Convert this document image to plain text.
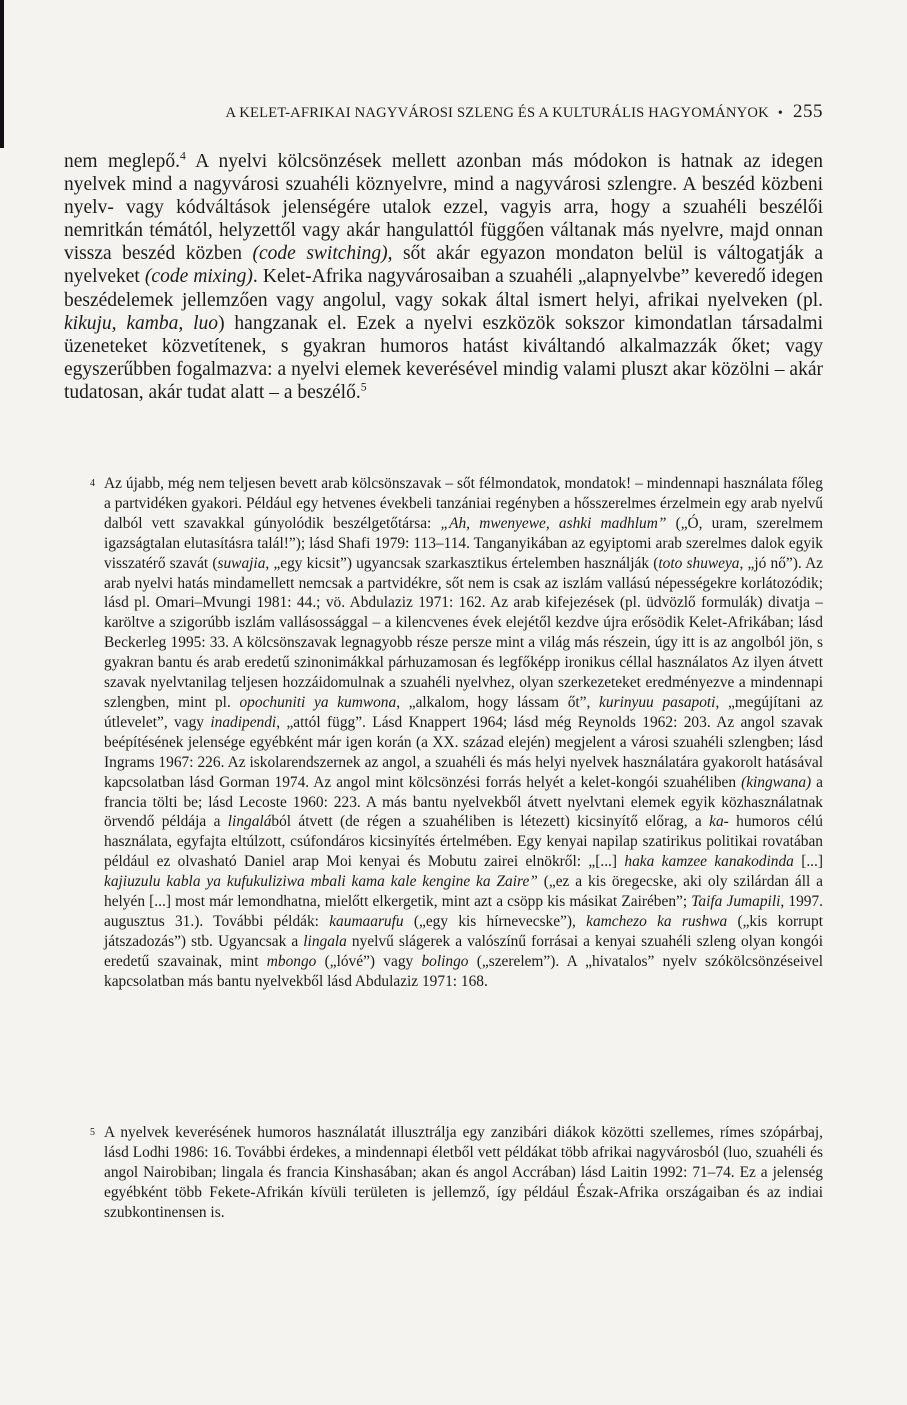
A KELET-AFRIKAI NAGYVÁROSI SZLENG ÉS A KULTURÁLIS HAGYOMÁNYOK • 255

nem meglepő.$^4$ A nyelvi kölcsönzések mellett azonban más módokon is hatnak az idegen nyelvek mind a nagyvárosi szuahéli köznyelvre, mind a nagyvárosi szlengre. A beszéd közbeni nyelv- vagy kódváltások jelenségére utalok ezzel, vagyis arra, hogy a szuahéli beszélői nemritkán témától, helyzettől vagy akár hangulattól függően váltanak más nyelvre, majd onnan vissza beszéd közben (code switching), sőt akár egyazon mondaton belül is váltogatják a nyelveket (code mixing). Kelet-Afrika nagyvárosaiban a szuahéli „alapnyelvbe” keveredő idegen beszédelemek jellemzően vagy angolul, vagy sokak által ismert helyi, afrikai nyelveken (pl. kikuju, kamba, luo) hangzanak el. Ezek a nyelvi eszközök sokszor kimondatlan társadalmi üzeneteket közvetítenek, s gyakran humoros hatást kiváltandó alkalmazzák őket; vagy egyszerűbben fogalmazva: a nyelvi elemek keverésével mindig valami pluszt akar közölni – akár tudatosan, akár tudat alatt – a beszélő.$^5$

4 Az újabb, még nem teljesen bevett arab kölcsönszavak – sőt félmondatok, mondatok! – mindennapi használata főleg a partvidéken gyakori. Például egy hetvenes évekbeli tanzániai regényben a hősszerelmes érzelmein egy arab nyelvű dalból vett szavakkal gúnyolódik beszélgetőtársa: „Ah, mwenyewe, ashki madhlum” („Ó, uram, szerelmem igazságtalan elutasításra talál!”); lásd Shafi 1979: 113–114. Tanganyikában az egyiptomi arab szerelmes dalok egyik visszatérő szavát (suwajia, „egy kicsit”) ugyancsak szarkasztikus értelemben használják (toto shuweya, „jó nő”). Az arab nyelvi hatás mindamellett nemcsak a partvidékre, sőt nem is csak az iszlám vallású népességekre korlátozódik; lásd pl. Omari–Mvungi 1981: 44.; vö. Abdulaziz 1971: 162. Az arab kifejezések (pl. üdvözlő formulák) divatja – karöltve a szigorúbb iszlám vallásossággal – a kilencvenes évek elejétől kezdve újra erősödik Kelet-Afrikában; lásd Beckerleg 1995: 33. A kölcsönszavak legnagyobb része persze mint a világ más részein, úgy itt is az angolból jön, s gyakran bantu és arab eredetű szinonimákkal párhuzamosan és legfőképp ironikus céllal használatos Az ilyen átvett szavak nyelvtanilag teljesen hozzáidomulnak a szuahéli nyelvhez, olyan szerkezeteket eredményezve a mindennapi szlengben, mint pl. opochuniti ya kumwona, „alkalom, hogy lássam őt”, kurinyuu pasapoti, „megújítani az útlevelet”, vagy inadipendi, „attól függ”. Lásd Knappert 1964; lásd még Reynolds 1962: 203. Az angol szavak beépítésének jelensége egyébként már igen korán (a XX. század elején) megjelent a városi szuahéli szlengben; lásd Ingrams 1967: 226. Az iskolarendszernek az angol, a szuahéli és más helyi nyelvek használatára gyakorolt hatásával kapcsolatban lásd Gorman 1974. Az angol mint kölcsönzési forrás helyét a kelet-kongói szuahéliben (kingwana) a francia tölti be; lásd Lecoste 1960: 223. A más bantu nyelvekből átvett nyelvtani elemek egyik közhasználatnak örvendő példája a lingalából átvett (de régen a szuahéliben is létezett) kicsinyítő előrag, a ka- humoros célú használata, egyfajta eltúlzott, csúfondáros kicsinyítés értelmében. Egy kenyai napilap szatirikus politikai rovatában például ez olvasható Daniel arap Moi kenyai és Mobutu zairei elnökről: „[...] haka kamzee kanakodinda [...] kajiuzulu kabla ya kufukuliziwa mbali kama kale kengine ka Zaire” („ez a kis öregecske, aki oly szilárdan áll a helyén [...] most már lemondhatna, mielőtt elkergetik, mint azt a csöpp kis másikat Zairében”; Taifa Jumapili, 1997. augusztus 31.). További példák: kaumaarufu („egy kis hírnevecske”), kamchezo ka rushwa („kis korrupt játszadozás”) stb. Ugyancsak a lingala nyelvű slágerek a valószínű forrásai a kenyai szuahéli szleng olyan kongói eredetű szavainak, mint mbongo („lóvé”) vagy bolingo („szerelem”). A „hivatalos” nyelv szókölcsönzéseivel kapcsolatban más bantu nyelvekből lásd Abdulaziz 1971: 168.

5 A nyelvek keverésének humoros használatát illusztrálja egy zanzibári diákok közötti szellemes, rímes szópárbaj, lásd Lodhi 1986: 16. További érdekes, a mindennapi életből vett példákat több afrikai nagyvárosból (luo, szuahéli és angol Nairobiban; lingala és francia Kinshasában; akan és angol Accrában) lásd Laitin 1992: 71–74. Ez a jelenség egyébként több Fekete-Afrikán kívüli területen is jellemző, így például Észak-Afrika országaiban és az indiai szubkontinensen is.
